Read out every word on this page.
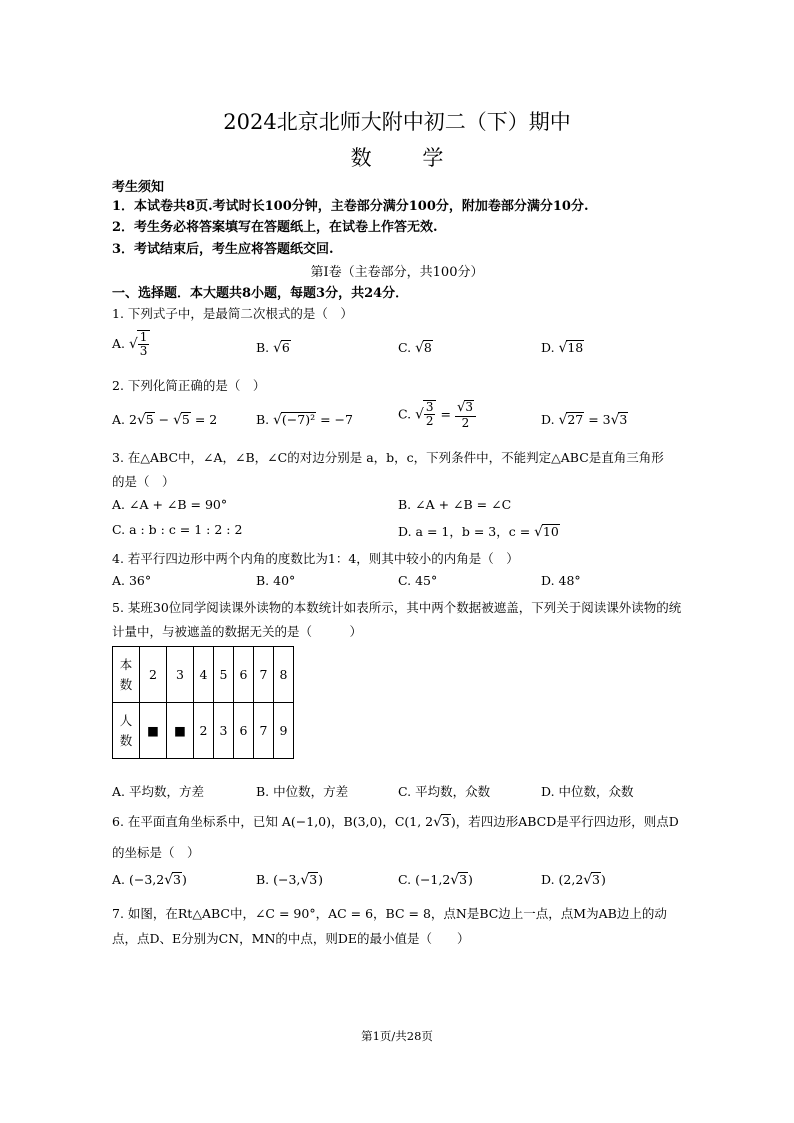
2024北京北师大附中初二（下）期中
数 学
考生须知
1．本试卷共8页.考试时长100分钟，主卷部分满分100分，附加卷部分满分10分.
2．考生务必将答案填写在答题纸上，在试卷上作答无效.
3．考试结束后，考生应将答题纸交回.
第Ⅰ卷（主卷部分，共100分）
一、选择题．本大题共8小题，每题3分，共24分．
1. 下列式子中，是最简二次根式的是（　）
A. √ $\frac{1}{3}$	B. √6	C. √8	D. √18
2. 下列化简正确的是（　）
A. 2√5 − √5 = 2	B. √(−7)² = −7	C. √ $\frac{3}{2} = \frac{√3}{2}$	D. √27 = 3√3
3. 在△ABC中，∠A，∠B，∠C的对边分别是 a，b，c，下列条件中，不能判定△ABC是直角三角形
的是（　）
A. ∠A + ∠B = 90°	B. ∠A + ∠B = ∠C
C. a : b : c = 1 : 2 : 2	D. a = 1，b = 3，c = √10
4. 若平行四边形中两个内角的度数比为1：4，则其中较小的内角是（　）
A. 36°	B. 40°	C. 45°	D. 48°
5. 某班30位同学阅读课外读物的本数统计如表所示，其中两个数据被遮盖，下列关于阅读课外读物的统
计量中，与被遮盖的数据无关的是（　　　）
本
数	2	3	4	5	6	7	8
人
数	■	■	2	3	6	7	9
A. 平均数，方差	B. 中位数，方差	C. 平均数，众数	D. 中位数，众数
6. 在平面直角坐标系中，已知 A(−1,0)，B(3,0)，C(1, 2√3)，若四边形ABCD是平行四边形，则点D
的坐标是（　）
A. (−3,2√3)	B. (−3,√3)	C. (−1,2√3)	D. (2,2√3)
7. 如图，在Rt△ABC中，∠C = 90°，AC = 6，BC = 8，点N是BC边上一点，点M为AB边上的动
点，点D、E分别为CN，MN的中点，则DE的最小值是（　　）
第1页/共28页
